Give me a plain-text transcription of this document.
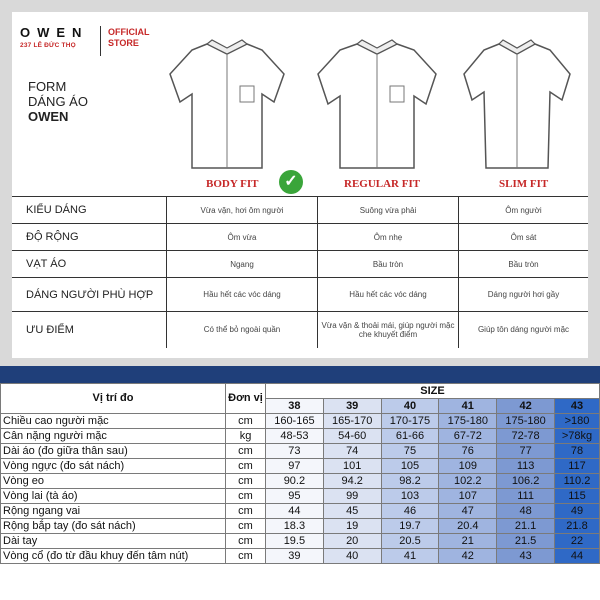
OWEN
237 LÊ ĐỨC THỌ
OFFICIAL STORE
FORM
DÁNG ÁO
OWEN
BODY FIT	✓	REGULAR FIT	SLIM FIT
KIỂU DÁNG	Vừa vặn, hơi ôm người	Suông vừa phải	Ôm người
ĐỘ RỘNG	Ôm vừa	Ôm nhẹ	Ôm sát
VẠT ÁO	Ngang	Bầu tròn	Bầu tròn
DÁNG NGƯỜI PHÙ HỢP	Hầu hết các vóc dáng	Hầu hết các vóc dáng	Dáng người hơi gầy
ƯU ĐIỂM	Có thể bỏ ngoài quần	Vừa vặn & thoải mái, giúp người mặc che khuyết điểm	Giúp tôn dáng người mặc
Vị trí đo	Đơn vị	SIZE					
		38	39	40	41	42	43
Chiều cao người mặc	cm	160-165	165-170	170-175	175-180	175-180	>180
Cân nặng người mặc	kg	48-53	54-60	61-66	67-72	72-78	>78kg
Dài áo (đo giữa thân sau)	cm	73	74	75	76	77	78
Vòng ngực (đo sát nách)	cm	97	101	105	109	113	117
Vòng eo	cm	90.2	94.2	98.2	102.2	106.2	110.2
Vòng lai (tà áo)	cm	95	99	103	107	111	115
Rộng ngang vai	cm	44	45	46	47	48	49
Rộng bắp tay (đo sát nách)	cm	18.3	19	19.7	20.4	21.1	21.8
Dài tay	cm	19.5	20	20.5	21	21.5	22
Vòng cổ (đo từ đầu khuy đến tâm nút)	cm	39	40	41	42	43	44
